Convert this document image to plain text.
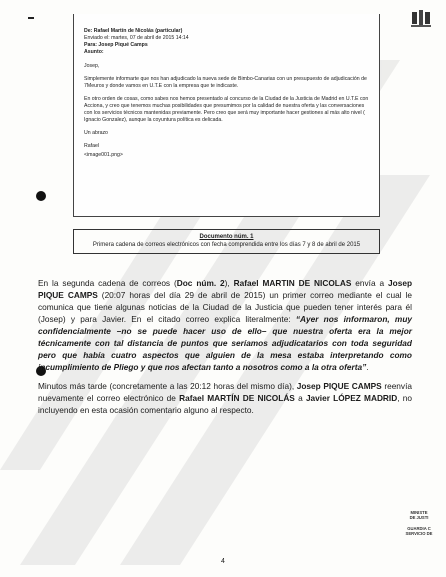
De: Rafael Martín de Nicolás (particular)
Enviado el: martes, 07 de abril de 2015 14:14
Para: Josep Piqué Camps
Asunto:

Josep,

Simplemente informarte que nos han adjudicado la nueva sede de Bimbo-Canarias con un presupuesto de adjudicación de 7Meuros y donde vamos en U.T.E con la empresa que te indicaste.

En otro orden de cosas, como sabes nos hemos presentado al concurso de la Ciudad de la Justicia de Madrid en U.T.E con Acciona, y creo que tenemos muchas posibilidades que presumimos por la calidad de nuestra oferta y las conversaciones con los servicios técnicos mantenidas previamente. Pero creo que será muy importante hacer gestiones al más alto nivel ( Ignacio Gonzalez), aunque la coyuntura política es delicada.

Un abrazo

Rafael

<image001.png>

Documento núm. 1
Primera cadena de correos electrónicos con fecha comprendida entre los días 7 y 8 de abril de 2015

En la segunda cadena de correos (Doc núm. 2), Rafael MARTIN DE NICOLAS envía a Josep PIQUE CAMPS (20:07 horas del día 29 de abril de 2015) un primer correo mediante el cual le comunica que tiene algunas noticias de la Ciudad de la Justicia que pueden tener interés para él (Josep) y para Javier. En el citado correo explica literalmente: “Ayer nos informaron, muy confidencialmente –no se puede hacer uso de ello– que nuestra oferta era la mejor técnicamente con tal distancia de puntos que seríamos adjudicatarios con toda seguridad pero que había cuatro aspectos que alguien de la mesa estaba interpretando como incumplimiento de Pliego y que nos afectan tanto a nosotros como a la otra oferta”.

Minutos más tarde (concretamente a las 20:12 horas del mismo día), Josep PIQUE CAMPS reenvía nuevamente el correo electrónico de Rafael MARTÍN DE NICOLÁS a Javier LÓPEZ MADRID, no incluyendo en esta ocasión comentario alguno al respecto.

MINISTE
DE JUSTI
GUARDIA C
SERVICIO DE
4
